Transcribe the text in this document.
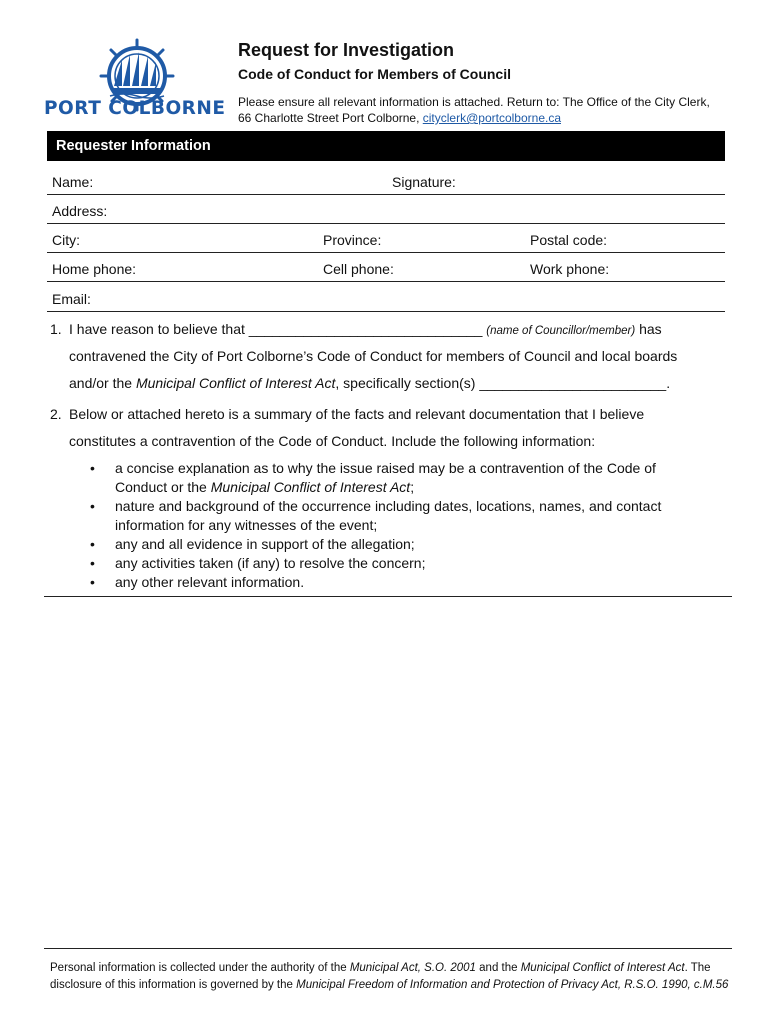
PORT COLBORNE
Request for Investigation
Code of Conduct for Members of Council
Please ensure all relevant information is attached. Return to: The Office of the City Clerk,
66 Charlotte Street Port Colborne, cityclerk@portcolborne.ca
Requester Information
Name:	Signature:
Address:
City:	Province:	Postal code:
Home phone:	Cell phone:	Work phone:
Email:
1. I have reason to believe that ______________________________ (name of Councillor/member) has
contravened the City of Port Colborne’s Code of Conduct for members of Council and local boards
and/or the Municipal Conflict of Interest Act, specifically section(s) ________________________.
2. Below or attached hereto is a summary of the facts and relevant documentation that I believe
constitutes a contravention of the Code of Conduct. Include the following information:
• a concise explanation as to why the issue raised may be a contravention of the Code of
Conduct or the Municipal Conflict of Interest Act;
• nature and background of the occurrence including dates, locations, names, and contact
information for any witnesses of the event;
• any and all evidence in support of the allegation;
• any activities taken (if any) to resolve the concern;
• any other relevant information.
Personal information is collected under the authority of the Municipal Act, S.O. 2001 and the Municipal Conflict of Interest Act. The disclosure of this information is governed by the Municipal Freedom of Information and Protection of Privacy Act, R.S.O. 1990, c.M.56
